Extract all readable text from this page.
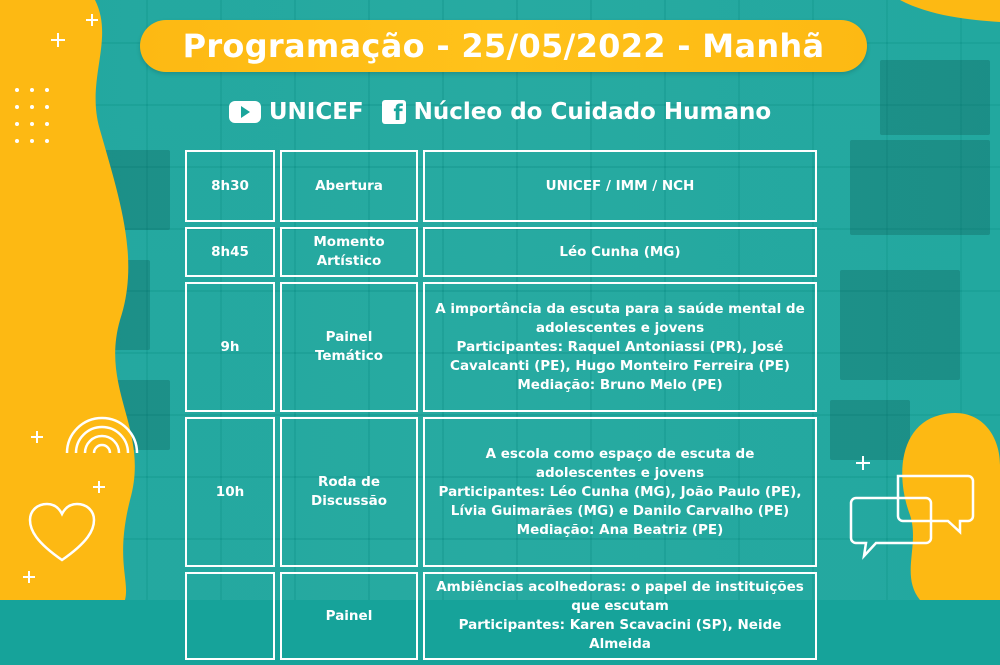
Programação - 25/05/2022 - Manhã
UNICEF	f Núcleo do Cuidado Humano
8h30	Abertura	UNICEF / IMM / NCH

8h45	Momento Artístico	Léo Cunha (MG)

9h	Painel Temático	A importância da escuta para a saúde mental de
adolescentes e jovens
Participantes: Raquel Antoniassi (PR), José
Cavalcanti (PE), Hugo Monteiro Ferreira (PE)
Mediação: Bruno Melo (PE)

10h	Roda de Discussão	A escola como espaço de escuta de
adolescentes e jovens
Participantes: Léo Cunha (MG), João Paulo (PE),
Lívia Guimarães (MG) e Danilo Carvalho (PE)
Mediação: Ana Beatriz (PE)

	Painel	Ambiências acolhedoras: o papel de instituições
que escutam
Participantes: Karen Scavacini (SP), Neide Almeida
